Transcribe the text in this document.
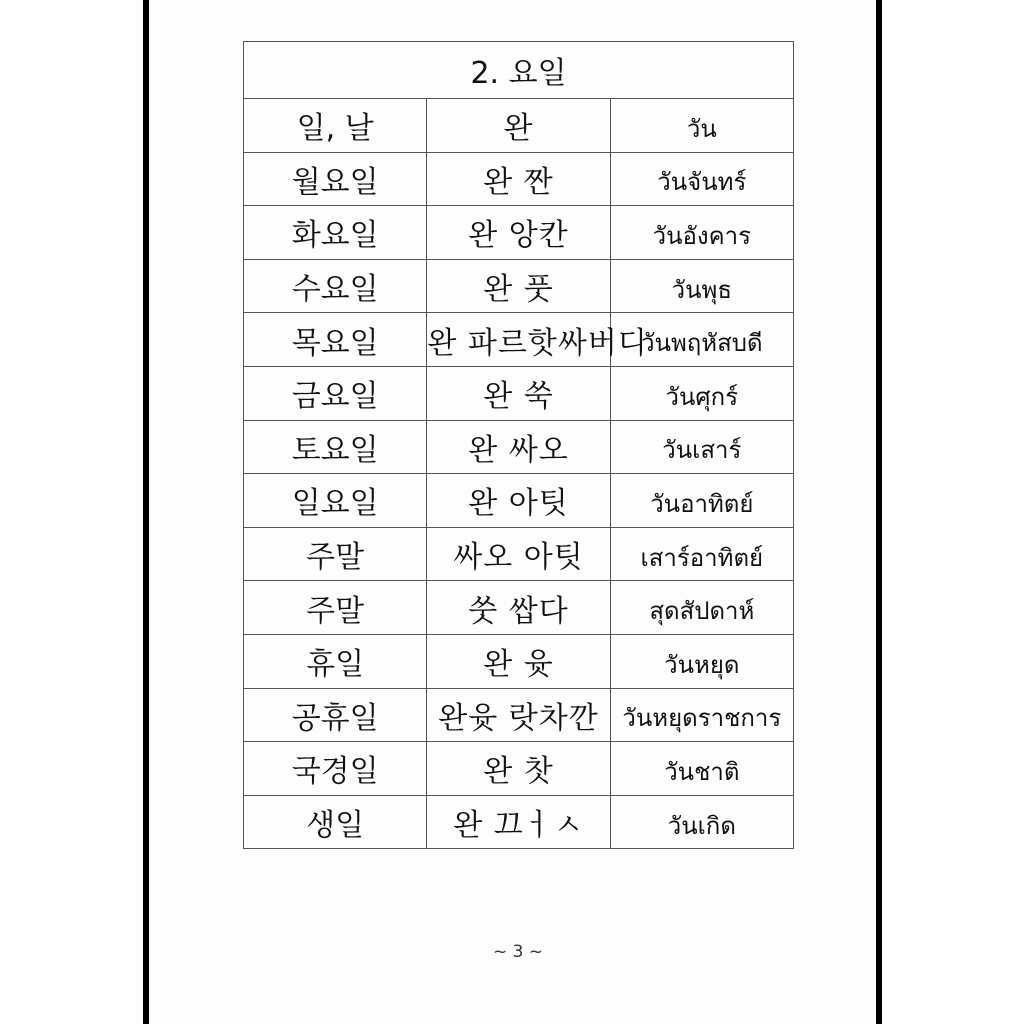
2. 요일		
일, 날	완	วัน
월요일	완 짠	วันจันทร์
화요일	완 앙칸	วันอังคาร
수요일	완 풋	วันพุธ
목요일	완 파르핫싸버디	วันพฤหัสบดี
금요일	완 쑥	วันศุกร์
토요일	완 싸오	วันเสาร์
일요일	완 아팃	วันอาทิตย์
주말	싸오 아팃	เสาร์อาทิตย์
주말	쑷 쌉다	สุดสัปดาห์
휴일	완 윳	วันหยุด
공휴일	완윳 랏차깐	วันหยุดราชการ
국경일	완 찻	วันชาติ
생일	완 끄ㅓㅅ	วันเกิด
~ 3 ~
